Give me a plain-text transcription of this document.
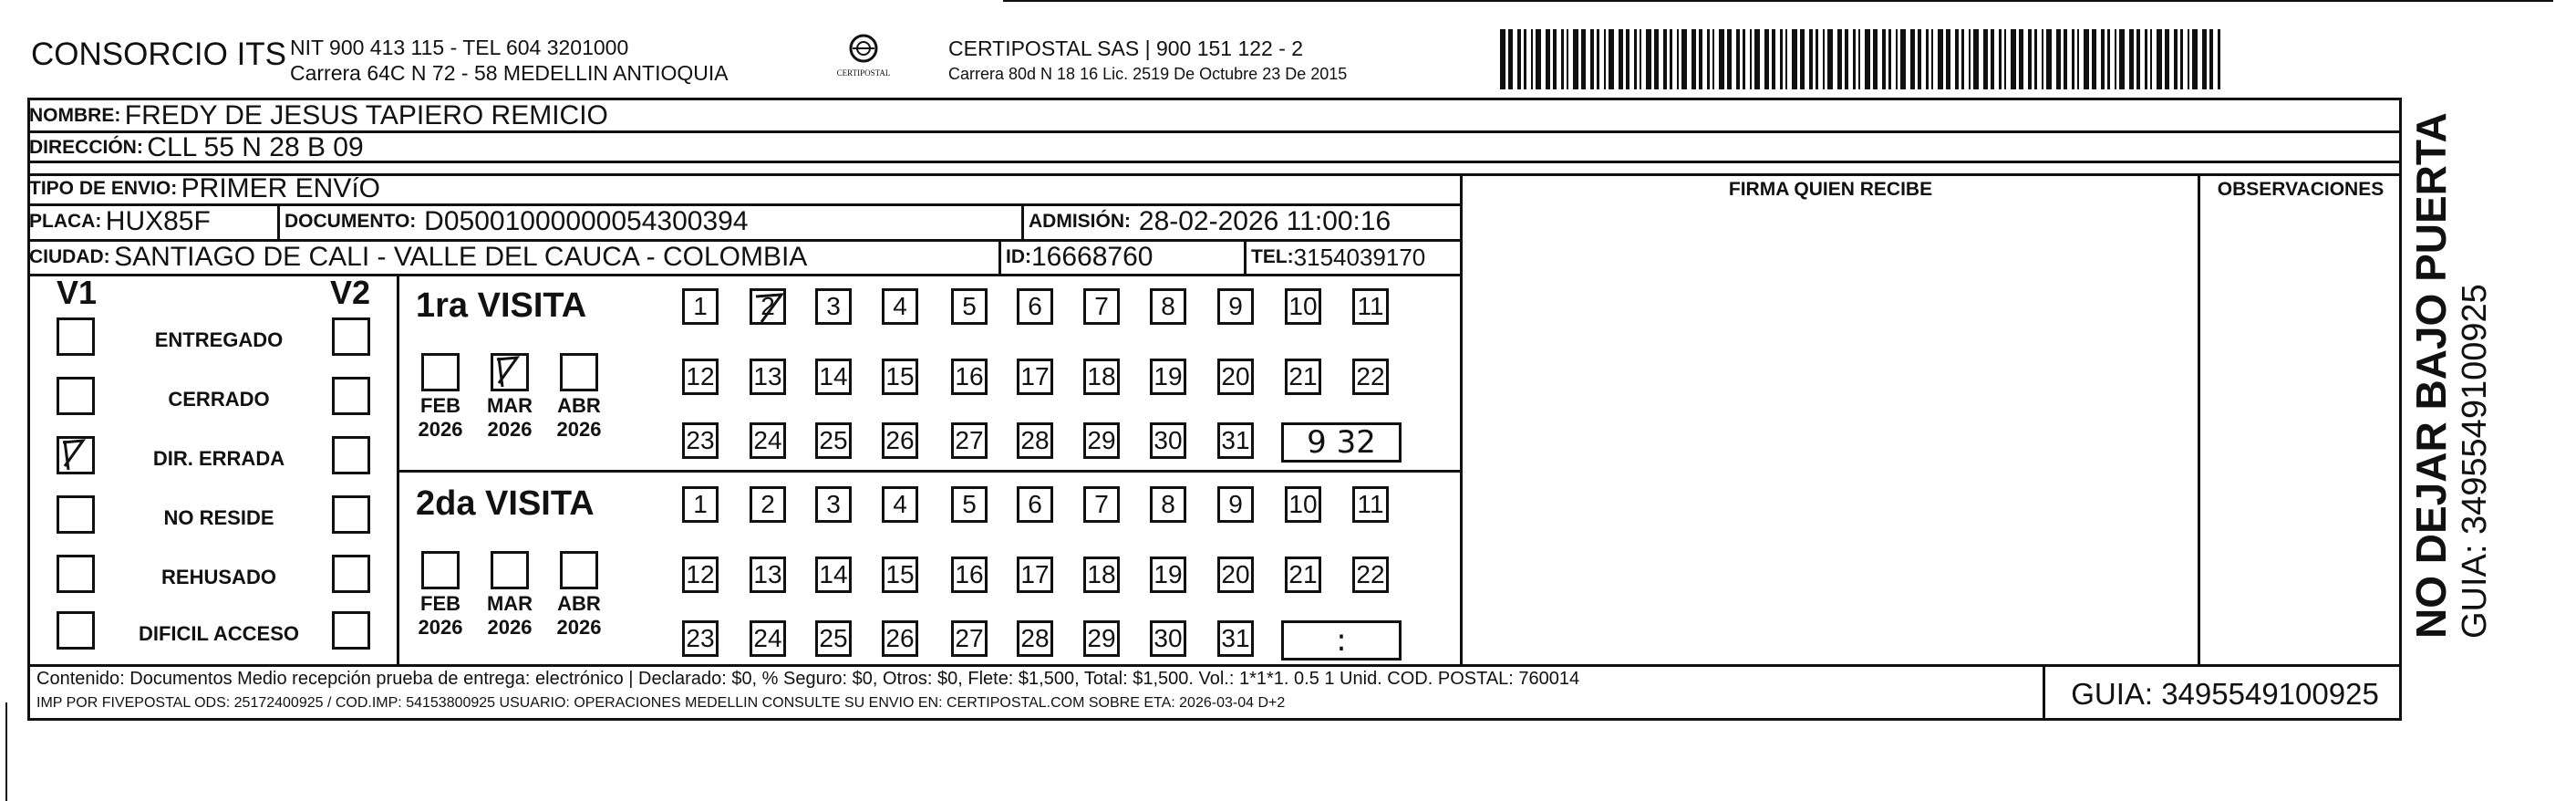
CONSORCIO ITS NIT 900 413 115 - TEL 604 3201000
Carrera 64C N 72 - 58 MEDELLIN ANTIOQUIA	CERTIPOSTAL
CERTIPOSTAL SAS | 900 151 122 - 2
Carrera 80d N 18 16 Lic. 2519 De Octubre 23 De 2015
NOMBRE:
FREDY DE JESUS TAPIERO REMICIO
DIRECCIÓN:
CLL 55 N 28 B 09
TIPO DE ENVIO:
PRIMER ENVíO	FIRMA QUIEN RECIBE	OBSERVACIONES
PLACA:
HUX85F	DOCUMENTO:
D05001000000054300394	ADMISIÓN:
28-02-2026 11:00:16
CIUDAD:
SANTIAGO DE CALI - VALLE DEL CAUCA - COLOMBIA	ID: 16668760	TEL: 3154039170
V1	V2
ENTREGADO
CERRADO
DIR. ERRADA
NO RESIDE
REHUSADO
DIFICIL ACCESO
1ra VISITA
FEB
2026
MAR
2026
ABR
2026
1 2 3 4 5 6 7 8 9 10 11
12 13 14 15 16 17 18 19 20 21 22
23 24 25 26 27 28 29 30 31 9 32
2da VISITA
FEB
2026
MAR
2026
ABR
2026
1 2 3 4 5 6 7 8 9 10 11
12 13 14 15 16 17 18 19 20 21 22
23 24 25 26 27 28 29 30 31	:
Contenido: Documentos Medio recepción prueba de entrega: electrónico | Declarado: $0, % Seguro: $0, Otros: $0, Flete: $1,500, Total: $1,500. Vol.: 1*1*1. 0.5 1 Unid. COD. POSTAL: 760014
IMP POR FIVEPOSTAL ODS: 25172400925 / COD.IMP: 54153800925 USUARIO: OPERACIONES MEDELLIN CONSULTE SU ENVIO EN: CERTIPOSTAL.COM SOBRE ETA: 2026-03-04 D+2	GUIA: 3495549100925
NO DEJAR BAJO PUERTA GUIA: 3495549100925
